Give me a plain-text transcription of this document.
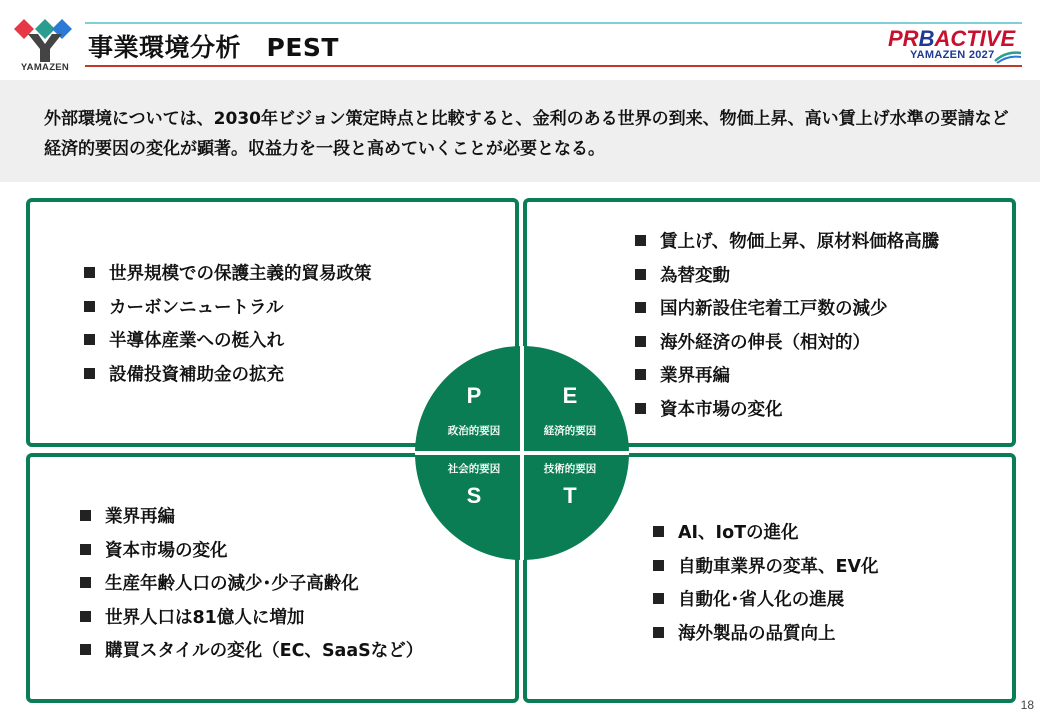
YAMAZEN
事業環境分析　PEST	PRBACTIVE
YAMAZEN 2027

外部環境については、2030年ビジョン策定時点と比較すると、金利のある世界の到来、物価上昇、高い賃上げ水準の要請など経済的要因の変化が顕著。収益力を一段と高めていくことが必要となる。

世界規模での保護主義的貿易政策
カーボンニュートラル
半導体産業への梃入れ
設備投資補助金の拡充
賃上げ、物価上昇、原材料価格高騰
為替変動
国内新設住宅着工戸数の減少
海外経済の伸長（相対的）
業界再編
資本市場の変化
業界再編
資本市場の変化
生産年齢人口の減少･少子高齢化
世界人口は81億人に増加
購買スタイルの変化（EC、SaaSなど）
AI、IoTの進化
自動車業界の変革、EV化
自動化･省人化の進展
海外製品の品質向上
P
政治的要因
E
経済的要因
社会的要因
S
技術的要因
T
18
